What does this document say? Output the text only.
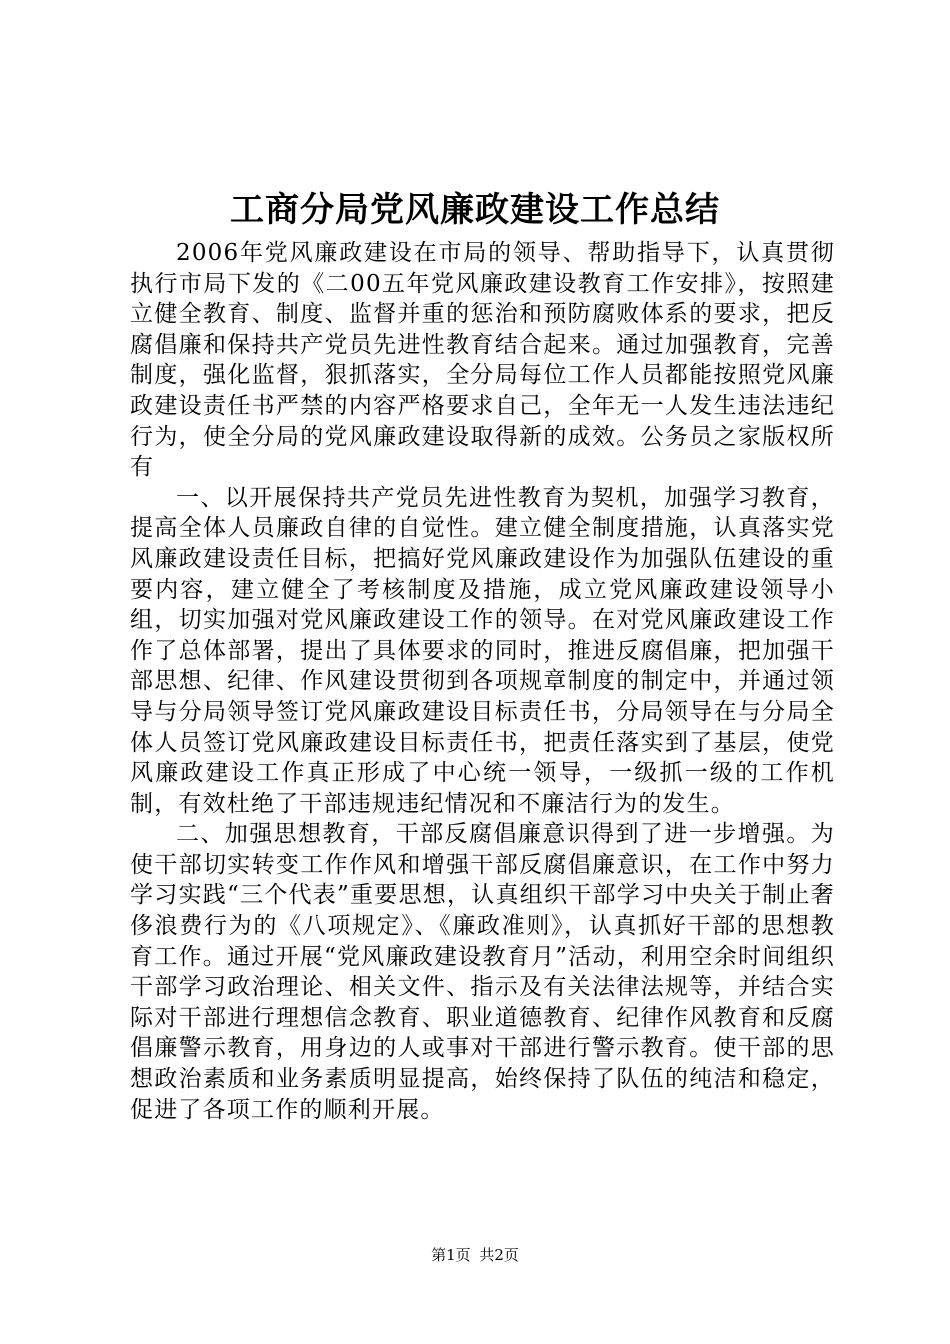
工商分局党风廉政建设工作总结

2006年党风廉政建设在市局的领导、帮助指导下，认真贯彻执行市局下发的《二00五年党风廉政建设教育工作安排》，按照建立健全教育、制度、监督并重的惩治和预防腐败体系的要求，把反腐倡廉和保持共产党员先进性教育结合起来。通过加强教育，完善制度，强化监督，狠抓落实，全分局每位工作人员都能按照党风廉政建设责任书严禁的内容严格要求自己，全年无一人发生违法违纪行为，使全分局的党风廉政建设取得新的成效。公务员之家版权所有

一、以开展保持共产党员先进性教育为契机，加强学习教育，提高全体人员廉政自律的自觉性。建立健全制度措施，认真落实党风廉政建设责任目标，把搞好党风廉政建设作为加强队伍建设的重要内容，建立健全了考核制度及措施，成立党风廉政建设领导小组，切实加强对党风廉政建设工作的领导。在对党风廉政建设工作作了总体部署，提出了具体要求的同时，推进反腐倡廉，把加强干部思想、纪律、作风建设贯彻到各项规章制度的制定中，并通过领导与分局领导签订党风廉政建设目标责任书，分局领导在与分局全体人员签订党风廉政建设目标责任书，把责任落实到了基层，使党风廉政建设工作真正形成了中心统一领导，一级抓一级的工作机制，有效杜绝了干部违规违纪情况和不廉洁行为的发生。

二、加强思想教育，干部反腐倡廉意识得到了进一步增强。为使干部切实转变工作作风和增强干部反腐倡廉意识，在工作中努力学习实践“三个代表”重要思想，认真组织干部学习中央关于制止奢侈浪费行为的《八项规定》、《廉政准则》，认真抓好干部的思想教育工作。通过开展“党风廉政建设教育月”活动，利用空余时间组织干部学习政治理论、相关文件、指示及有关法律法规等，并结合实际对干部进行理想信念教育、职业道德教育、纪律作风教育和反腐倡廉警示教育，用身边的人或事对干部进行警示教育。使干部的思想政治素质和业务素质明显提高，始终保持了队伍的纯洁和稳定，促进了各项工作的顺利开展。

第1页 共2页
